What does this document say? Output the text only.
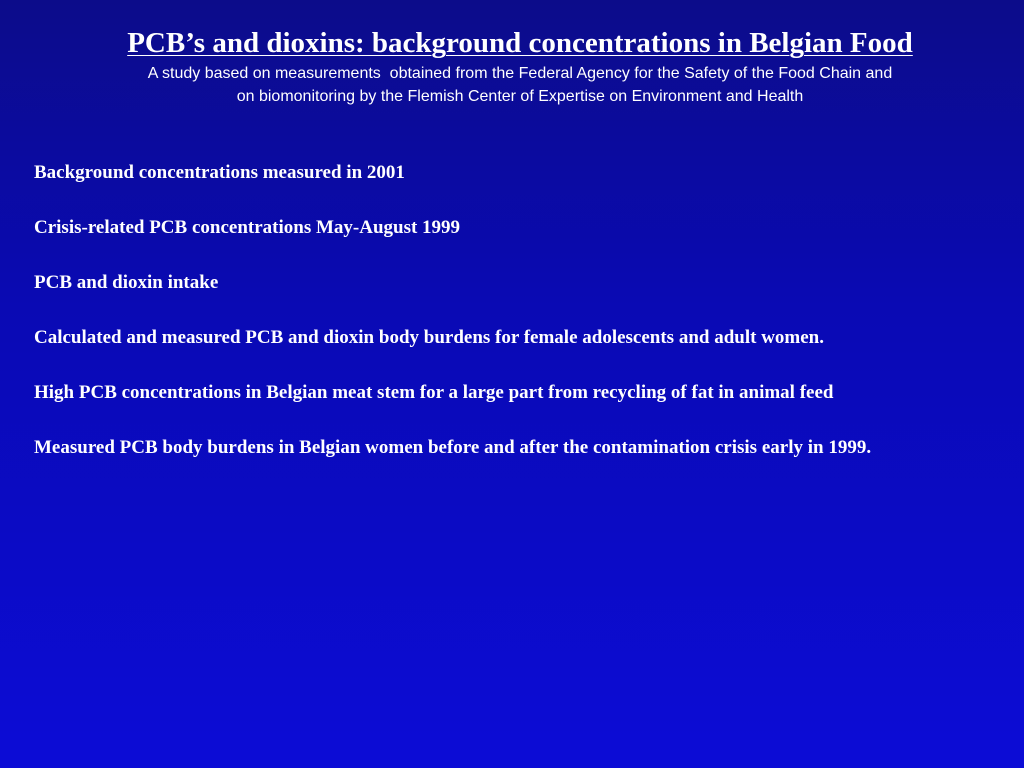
PCB’s and dioxins: background concentrations in Belgian Food
A study based on measurements  obtained from the Federal Agency for the Safety of the Food Chain and
on biomonitoring by the Flemish Center of Expertise on Environment and Health

Background concentrations measured in 2001

Crisis-related PCB concentrations May-August 1999

PCB and dioxin intake

Calculated and measured PCB and dioxin body burdens for female adolescents and adult women.

High PCB concentrations in Belgian meat stem for a large part from recycling of fat in animal feed

Measured PCB body burdens in Belgian women before and after the contamination crisis early in 1999.
